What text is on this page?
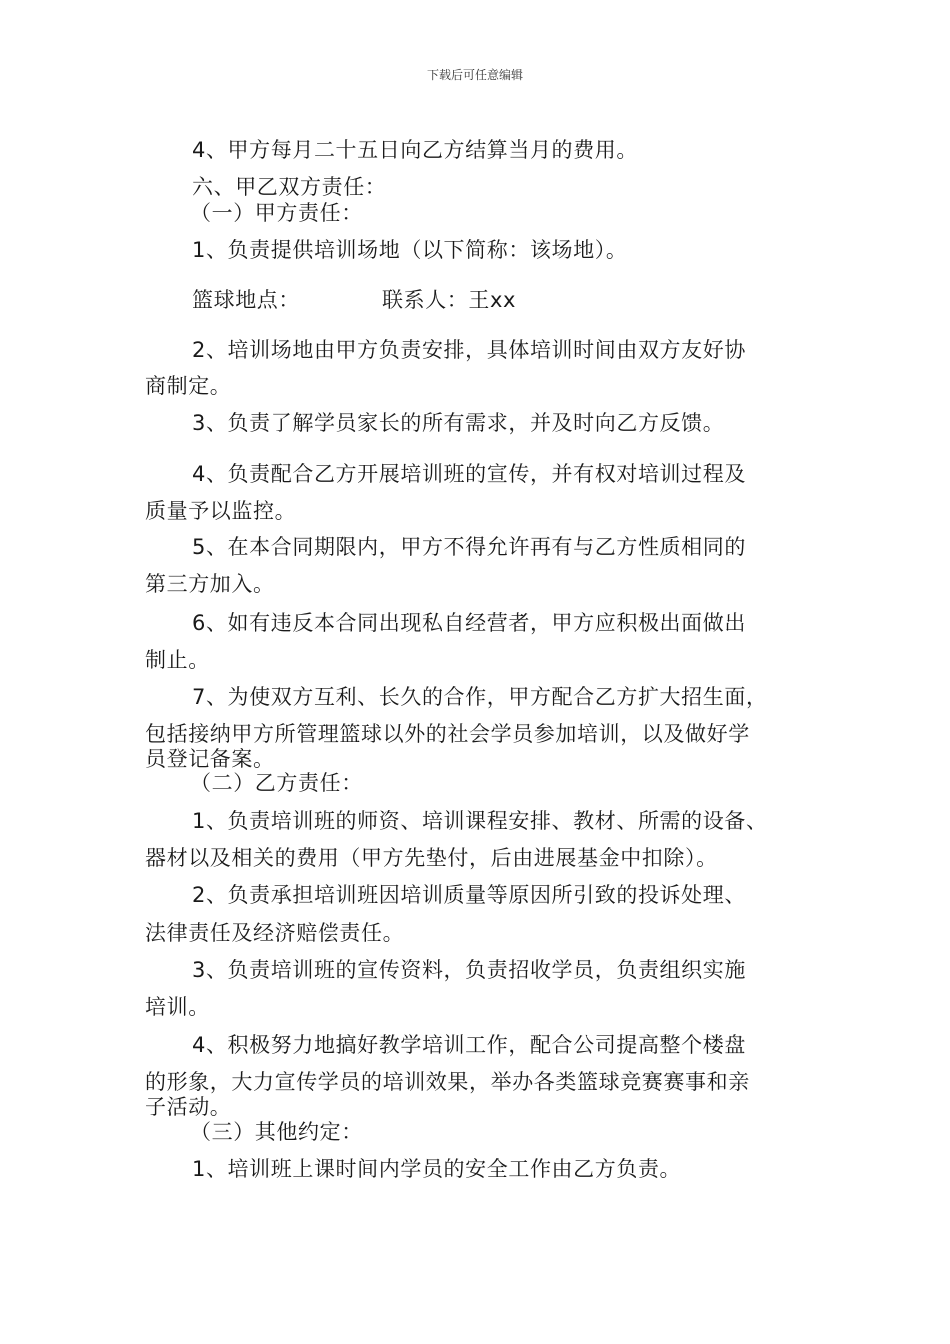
下载后可任意编辑
4、甲方每月二十五日向乙方结算当月的费用。
六、甲乙双方责任：
（一）甲方责任：
1、负责提供培训场地（以下简称：该场地）。
篮球地点：	联系人：王xx
2、培训场地由甲方负责安排，具体培训时间由双方友好协
商制定。
3、负责了解学员家长的所有需求，并及时向乙方反馈。
4、负责配合乙方开展培训班的宣传，并有权对培训过程及
质量予以监控。
5、在本合同期限内，甲方不得允许再有与乙方性质相同的
第三方加入。
6、如有违反本合同出现私自经营者，甲方应积极出面做出
制止。
7、为使双方互利、长久的合作，甲方配合乙方扩大招生面，
包括接纳甲方所管理篮球以外的社会学员参加培训，以及做好学
员登记备案。
（二）乙方责任：
1、负责培训班的师资、培训课程安排、教材、所需的设备、
器材以及相关的费用（甲方先垫付，后由进展基金中扣除）。
2、负责承担培训班因培训质量等原因所引致的投诉处理、
法律责任及经济赔偿责任。
3、负责培训班的宣传资料，负责招收学员，负责组织实施
培训。
4、积极努力地搞好教学培训工作，配合公司提高整个楼盘
的形象，大力宣传学员的培训效果，举办各类篮球竞赛赛事和亲
子活动。
（三）其他约定：
1、培训班上课时间内学员的安全工作由乙方负责。
